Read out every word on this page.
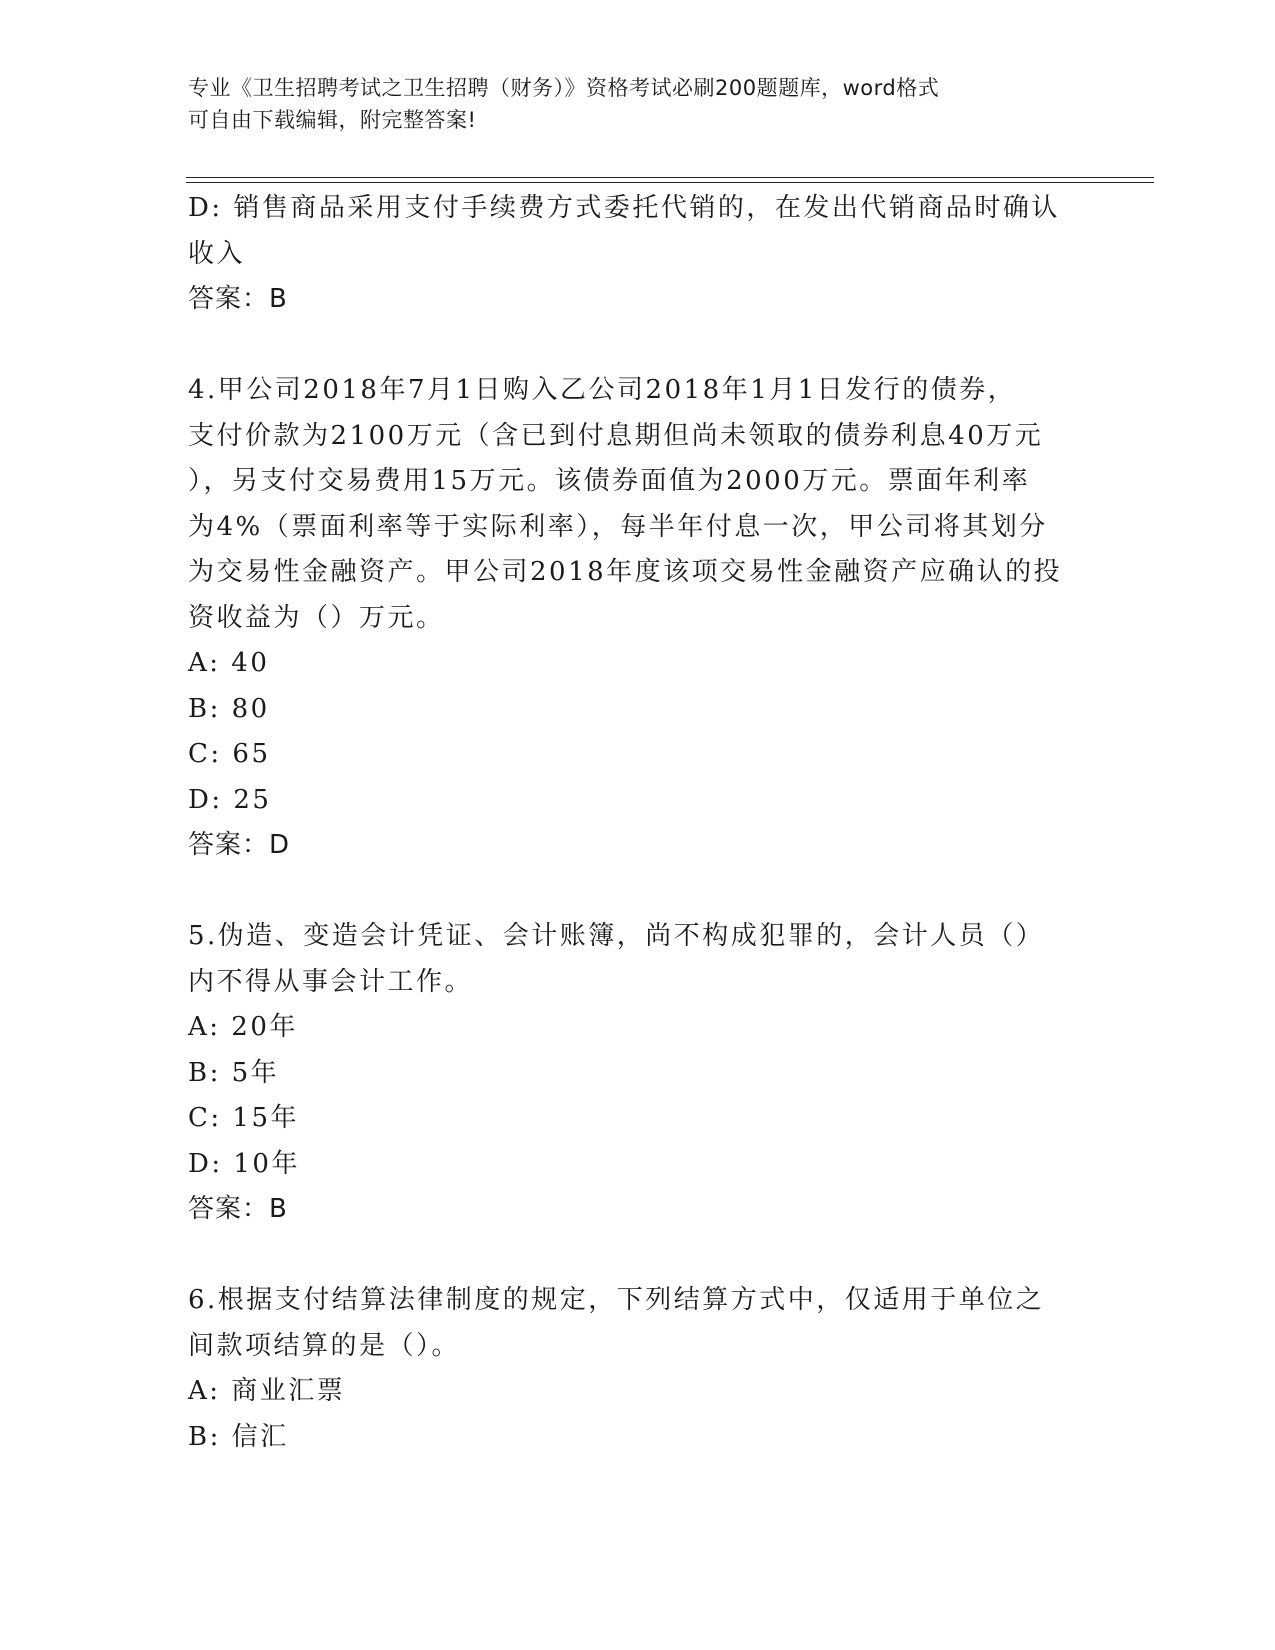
专业《卫生招聘考试之卫生招聘（财务）》资格考试必刷200题题库，word格式
可自由下载编辑，附完整答案!
D: 销售商品采用支付手续费方式委托代销的，在发出代销商品时确认
收入
答案：B
4.甲公司2018年7月1日购入乙公司2018年1月1日发行的债券，
支付价款为2100万元（含已到付息期但尚未领取的债券利息40万元
），另支付交易费用15万元。该债券面值为2000万元。票面年利率
为4%（票面利率等于实际利率），每半年付息一次，甲公司将其划分
为交易性金融资产。甲公司2018年度该项交易性金融资产应确认的投
资收益为（）万元。
A: 40
B: 80
C: 65
D: 25
答案：D
5.伪造、变造会计凭证、会计账簿，尚不构成犯罪的，会计人员（）
内不得从事会计工作。
A: 20年
B: 5年
C: 15年
D: 10年
答案：B
6.根据支付结算法律制度的规定，下列结算方式中，仅适用于单位之
间款项结算的是（）。
A: 商业汇票
B: 信汇
